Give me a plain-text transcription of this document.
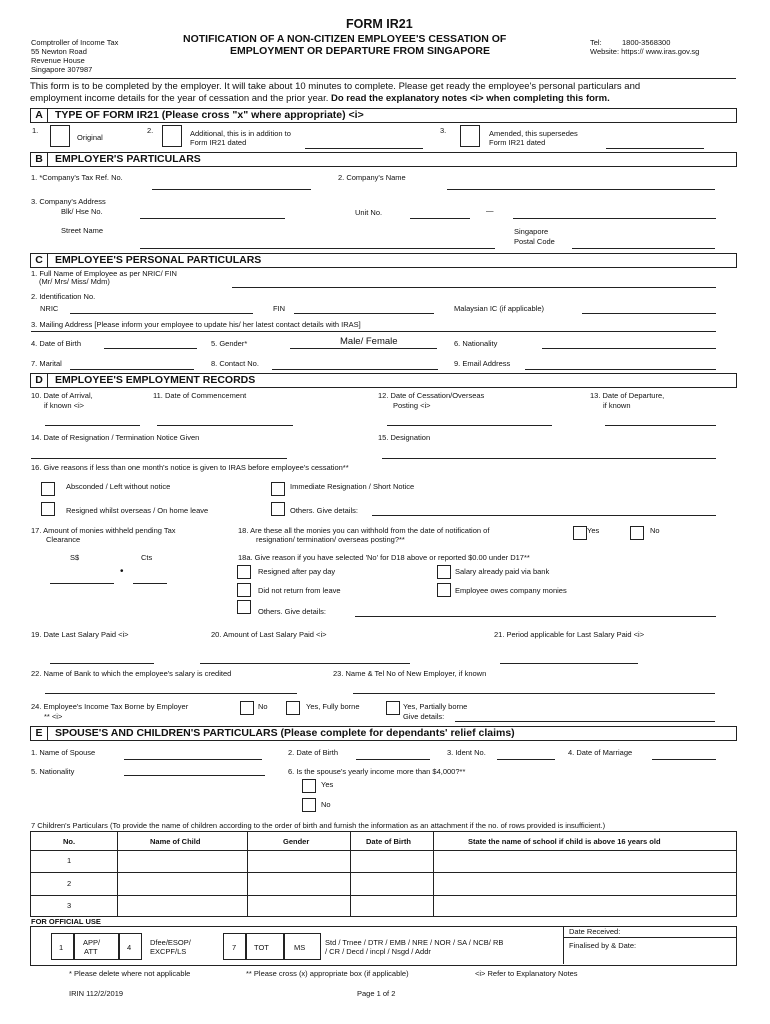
FORM IR21
Comptroller of Income Tax
55 Newton Road
Revenue House
Singapore 307987
NOTIFICATION OF A NON-CITIZEN EMPLOYEE'S CESSATION OF
EMPLOYMENT OR DEPARTURE FROM SINGAPORE
Tel:	1800-3568300
Website: https:// www.iras.gov.sg
This form is to be completed by the employer. It will take about 10 minutes to complete. Please get ready the employee's personal particulars and
employment income details for the year of cessation and the prior year. Do read the explanatory notes <i> when completing this form.
A	TYPE OF FORM IR21 (Please cross "x" where appropriate) <i>
1.
Original
2.	Additional, this is in addition to
Form IR21 dated
3.	Amended, this supersedes
Form IR21 dated
B	EMPLOYER'S PARTICULARS
1. *Company's Tax Ref. No.	2. Company's Name
3. Company's Address
Blk/ Hse No.	Unit No.	—
Street Name	Singapore
Postal Code
C	EMPLOYEE'S PERSONAL PARTICULARS
1. Full Name of Employee as per NRIC/ FIN
(Mr/ Mrs/ Miss/ Mdm)
2. Identification No.
NRIC	FIN	Malaysian IC (if applicable)
3. Mailing Address [Please inform your employee to update his/ her latest contact details with IRAS]
4. Date of Birth	5. Gender*	Male/ Female	6. Nationality
7. Marital	8. Contact No.	9. Email Address
D	EMPLOYEE'S EMPLOYMENT RECORDS
10. Date of Arrival,
if known <i>
11. Date of Commencement	12. Date of Cessation/Overseas
Posting <i>
13. Date of Departure,
if known
14. Date of Resignation / Termination Notice Given	15. Designation
16. Give reasons if less than one month's notice is given to IRAS before employee's cessation**
Absconded / Left without notice	Immediate Resignation / Short Notice
Resigned whilst overseas / On home leave	Others. Give details:
17. Amount of monies withheld pending Tax
Clearance
S$	Cts
•
18. Are these all the monies you can withhold from the date of notification of
resignation/ termination/ overseas posting?**
Yes	No
18a. Give reason if you have selected 'No' for D18 above or reported $0.00 under D17**
Resigned after pay day	Salary already paid via bank
Did not return from leave	Employee owes company monies
Others. Give details:
19. Date Last Salary Paid <i>	20. Amount of Last Salary Paid <i>	21. Period applicable for Last Salary Paid <i>
22. Name of Bank to which the employee's salary is credited	23. Name & Tel No of New Employer, if known
24. Employee's Income Tax Borne by Employer
** <i>
No	Yes, Fully borne	Yes, Partially borne
Give details:
E	SPOUSE'S AND CHILDREN'S PARTICULARS (Please complete for dependants' relief claims)
1. Name of Spouse	2. Date of Birth	3. Ident No.	4. Date of Marriage
5. Nationality	6. Is the spouse's yearly income more than $4,000?**
Yes
No
7 Children's Particulars (To provide the name of children according to the order of birth and furnish the information as an attachment if the no. of rows provided is insufficient.)
No.	Name of Child	Gender	Date of Birth	State the name of school if child is above 16 years old
1
2
3
FOR OFFICIAL USE
1
APP/
ATT	4
Dfee/ESOP/
EXCPF/LS	7 TOT	MS
Std / Trnee / DTR / EMB / NRE / NOR / SA / NCB/ RB
/ CR / Decd / incpl / Nsgd / Addr
Date Received:
Finalised by & Date:
* Please delete where not applicable	** Please cross (x) appropriate box (if applicable)	<i> Refer to Explanatory Notes
IRIN 112/2/2019	Page 1 of 2
